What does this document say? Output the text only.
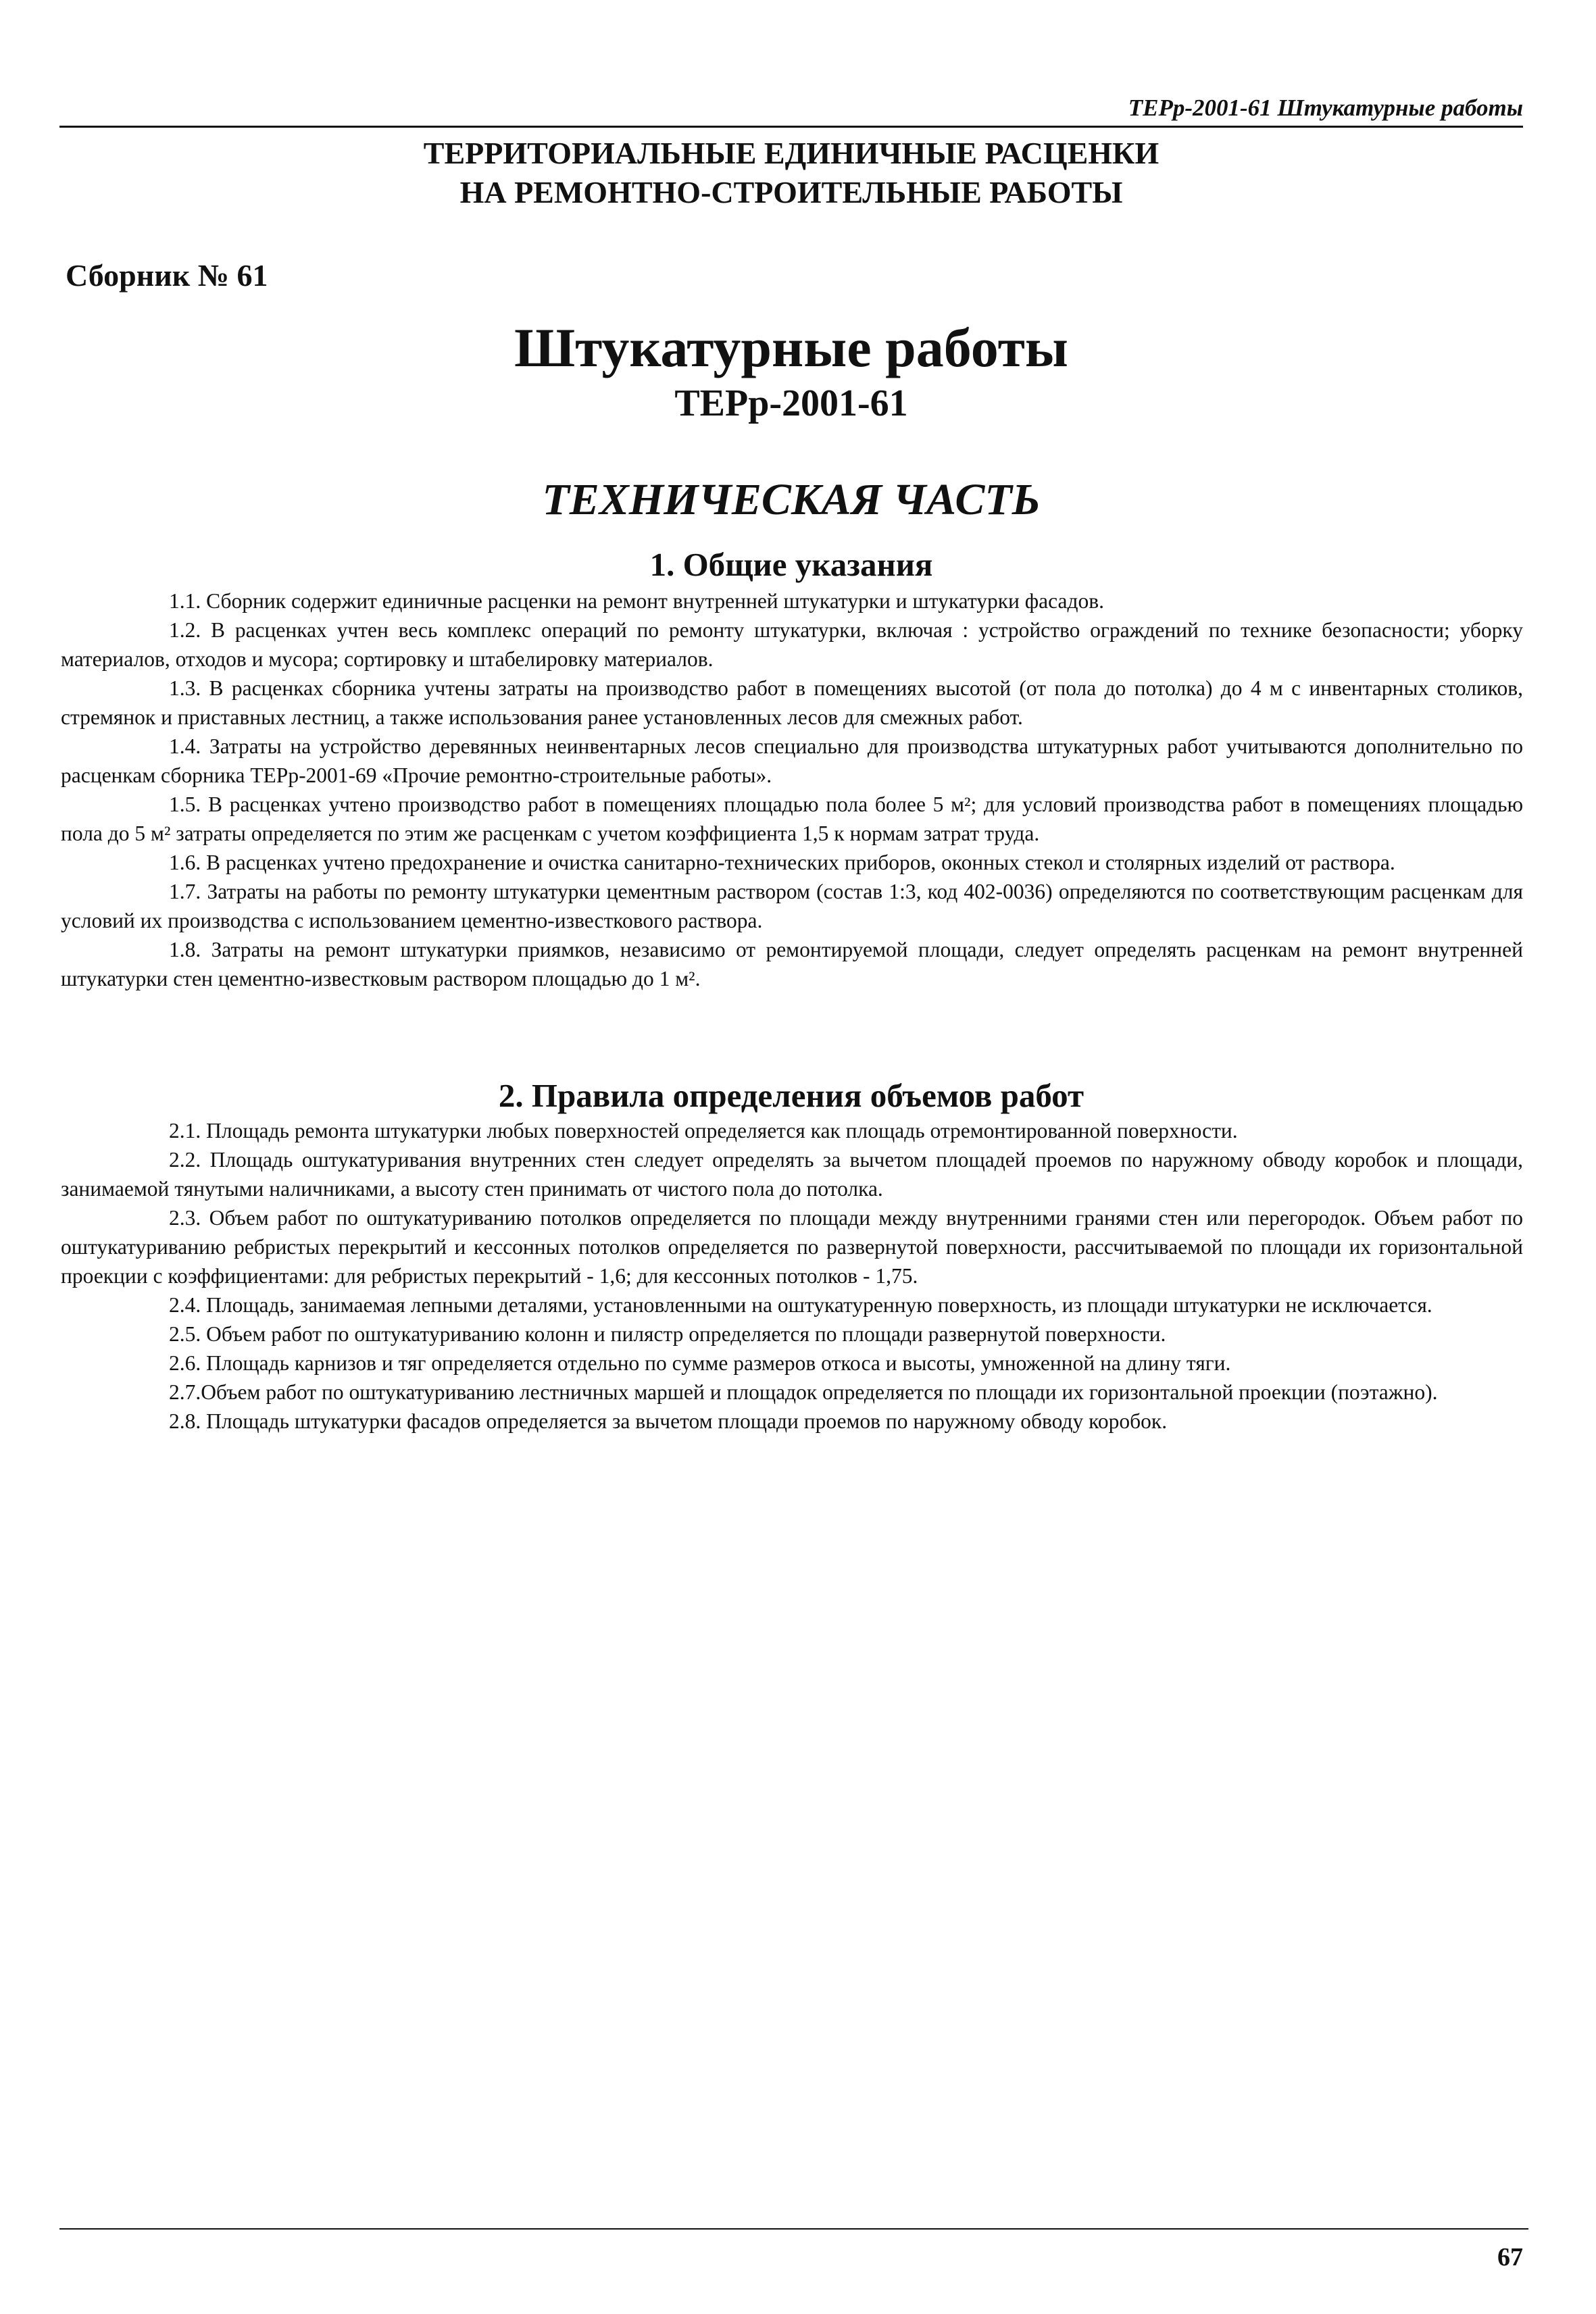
ТЕРр-2001-61 Штукатурные работы
ТЕРРИТОРИАЛЬНЫЕ ЕДИНИЧНЫЕ РАСЦЕНКИ
НА РЕМОНТНО-СТРОИТЕЛЬНЫЕ РАБОТЫ
Сборник № 61
Штукатурные работы
ТЕРр-2001-61
ТЕХНИЧЕСКАЯ ЧАСТЬ
1. Общие указания

1.1. Сборник содержит единичные расценки на ремонт внутренней штукатурки и штукатурки фасадов.

1.2. В расценках учтен весь комплекс операций по ремонту штукатурки, включая : устройство ограждений по технике безопасности; уборку материалов, отходов и мусора; сортировку и штабелировку материалов.

1.3. В расценках сборника учтены затраты на производство работ в помещениях высотой (от пола до потолка) до 4 м с инвентарных столиков, стремянок и приставных лестниц, а также использования ранее установленных лесов для смежных работ.

1.4. Затраты на устройство деревянных неинвентарных лесов специально для производства штукатурных работ учитываются дополнительно по расценкам сборника ТЕРр-2001-69 «Прочие ремонтно-строительные работы».

1.5. В расценках учтено производство работ в помещениях площадью пола более 5 м²; для условий производства работ в помещениях площадью пола до 5 м² затраты определяется по этим же расценкам с учетом коэффициента 1,5 к нормам затрат труда.

1.6. В расценках учтено предохранение и очистка санитарно-технических приборов, оконных стекол и столярных изделий от раствора.

1.7. Затраты на работы по ремонту штукатурки цементным раствором (состав 1:3, код 402-0036) определяются по соответствующим расценкам для условий их производства с использованием цементно-известкового раствора.

1.8. Затраты на ремонт штукатурки приямков, независимо от ремонтируемой площади, следует определять расценкам на ремонт внутренней штукатурки стен цементно-известковым раствором площадью до 1 м².

2. Правила определения объемов работ

2.1. Площадь ремонта штукатурки любых поверхностей определяется как площадь отремонтированной поверхности.

2.2. Площадь оштукатуривания внутренних стен следует определять за вычетом площадей проемов по наружному обводу коробок и площади, занимаемой тянутыми наличниками, а высоту стен принимать от чистого пола до потолка.

2.3. Объем работ по оштукатуриванию потолков определяется по площади между внутренними гранями стен или перегородок. Объем работ по оштукатуриванию ребристых перекрытий и кессонных потолков определяется по развернутой поверхности, рассчитываемой по площади их горизонтальной проекции с коэффициентами: для ребристых перекрытий - 1,6; для кессонных потолков - 1,75.

2.4. Площадь, занимаемая лепными деталями, установленными на оштукатуренную поверхность, из площади штукатурки не исключается.

2.5. Объем работ по оштукатуриванию колонн и пилястр определяется по площади развернутой поверхности.

2.6. Площадь карнизов и тяг определяется отдельно по сумме размеров откоса и высоты, умноженной на длину тяги.

2.7.Объем работ по оштукатуриванию лестничных маршей и площадок определяется по площади их горизонтальной проекции (поэтажно).

2.8. Площадь штукатурки фасадов определяется за вычетом площади проемов по наружному обводу коробок.

67
